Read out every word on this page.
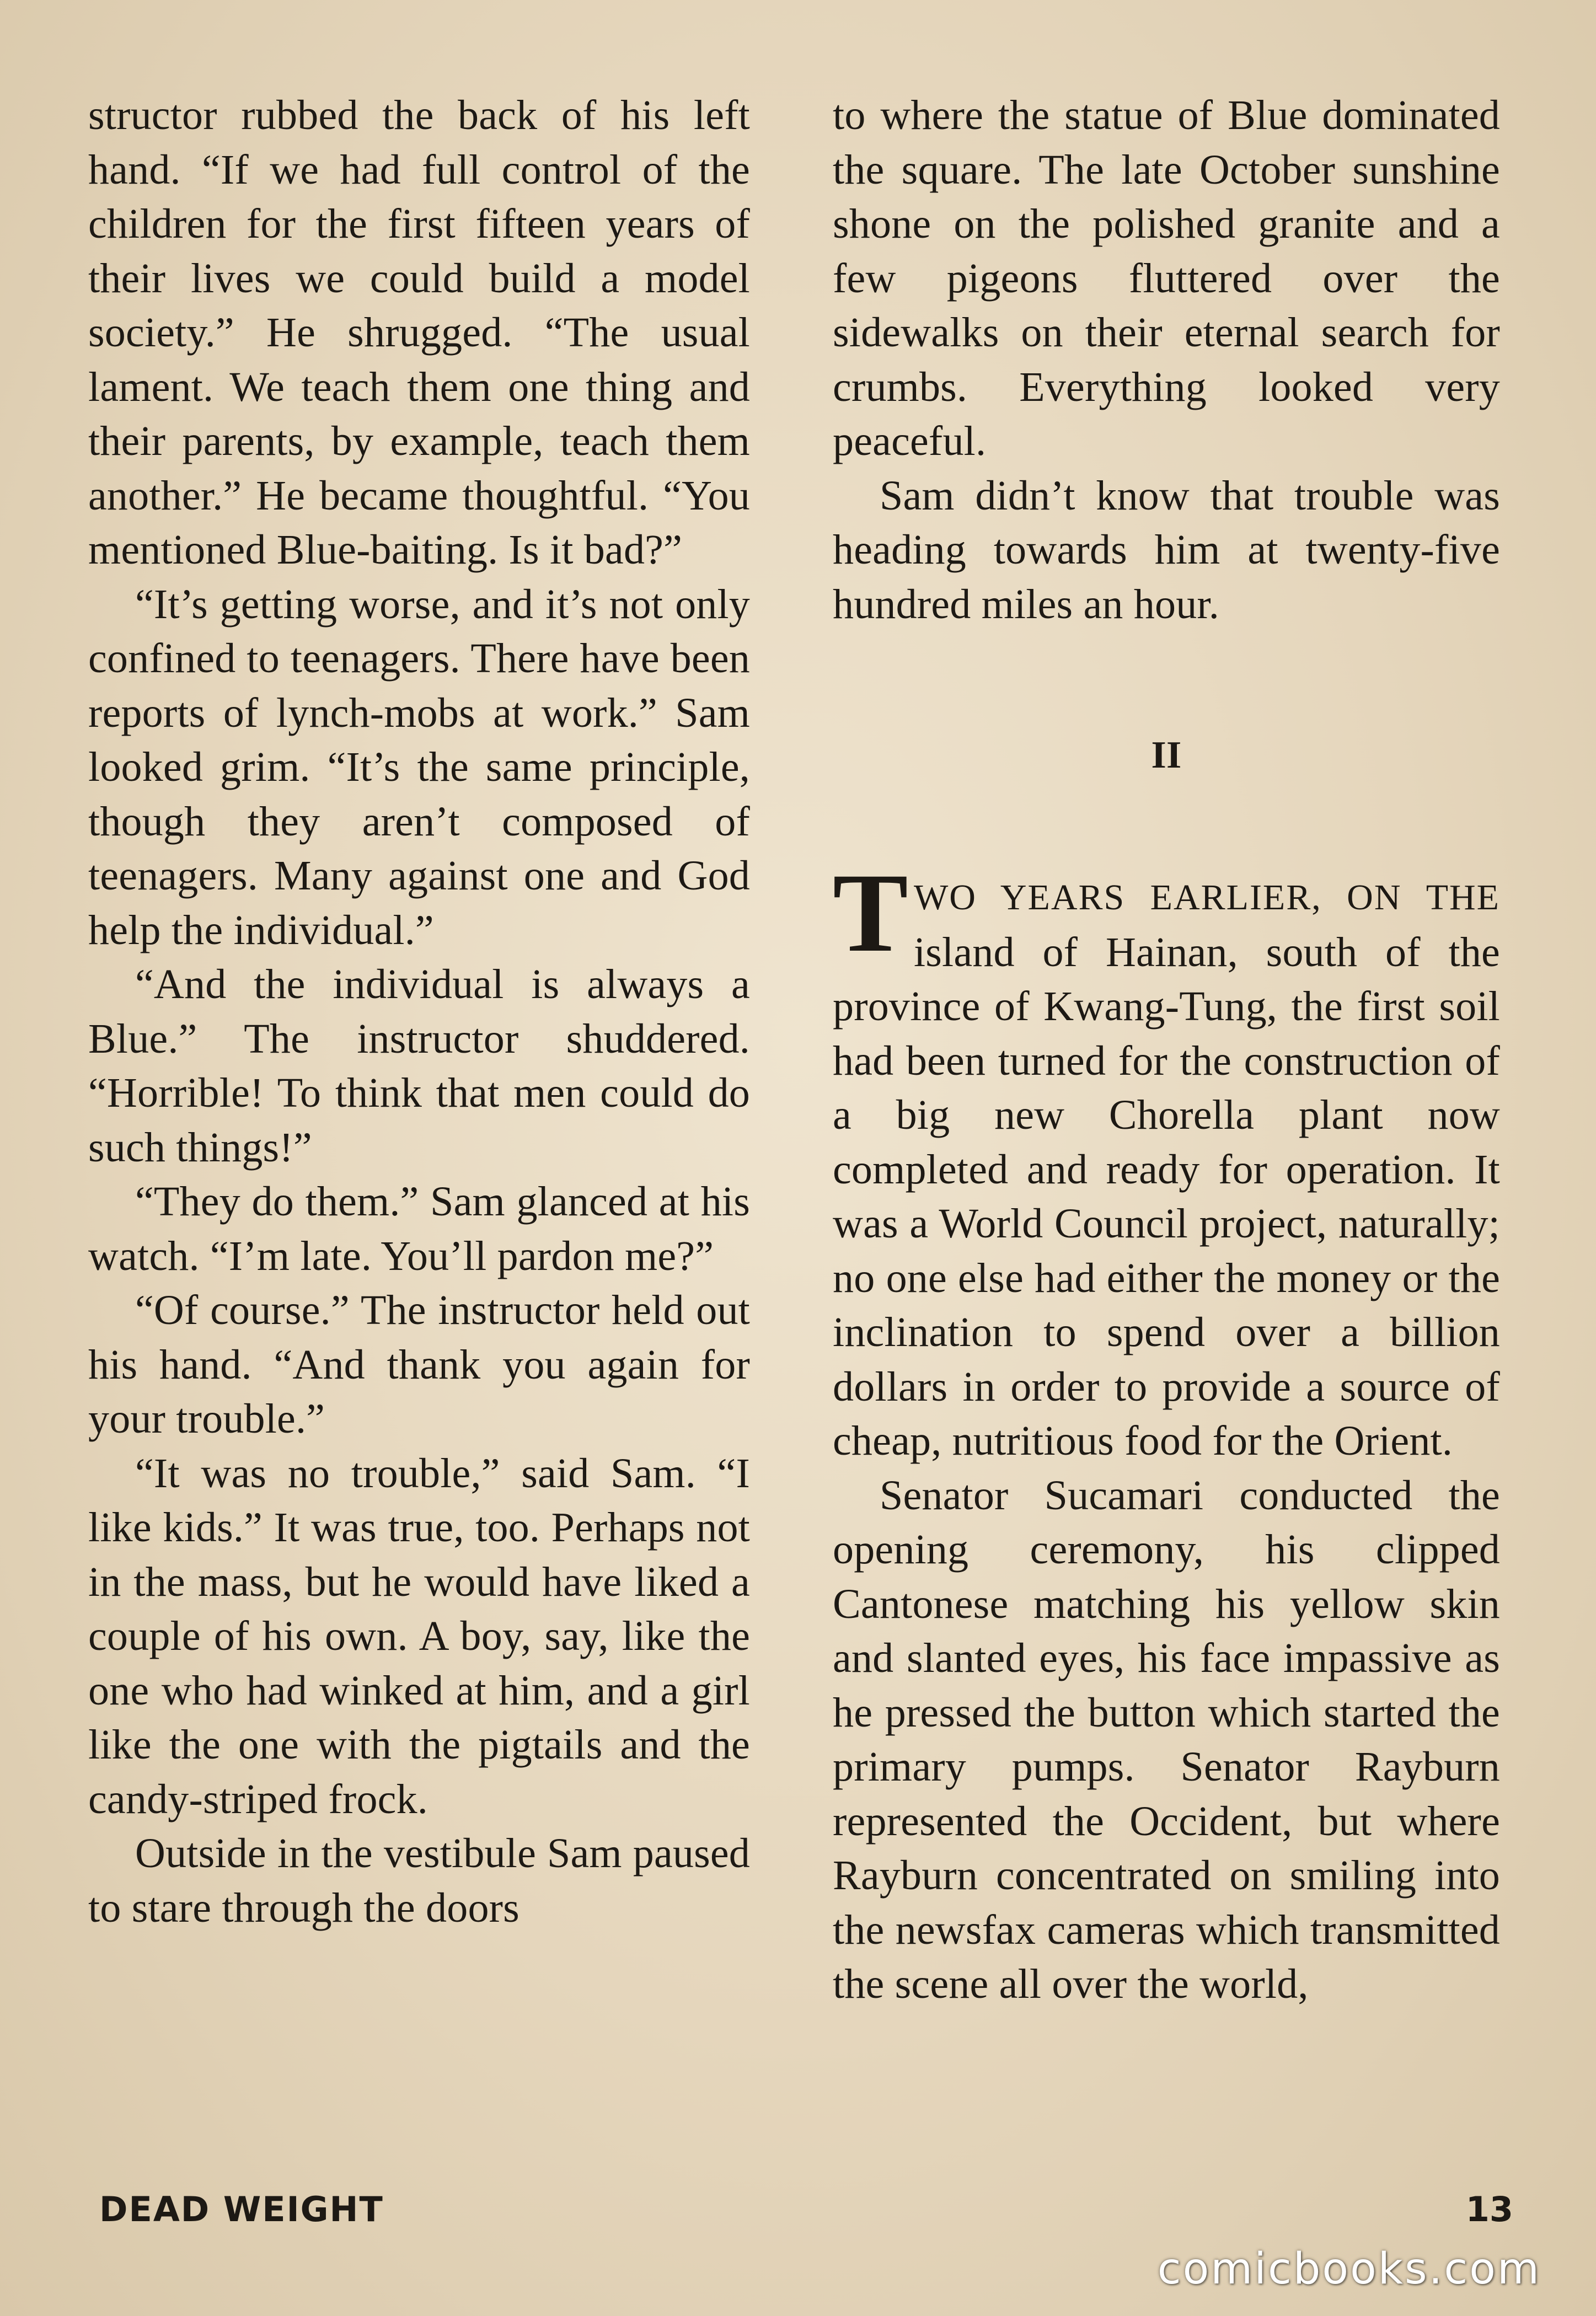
structor rubbed the back of his left hand. “If we had full control of the children for the first fifteen years of their lives we could build a model society.” He shrugged. “The usual lament. We teach them one thing and their parents, by example, teach them another.” He became thoughtful. “You mentioned Blue-baiting. Is it bad?”

“It’s getting worse, and it’s not only confined to teenagers. There have been reports of lynch-mobs at work.” Sam looked grim. “It’s the same principle, though they aren’t composed of teenagers. Many against one and God help the individual.”

“And the individual is always a Blue.” The instructor shuddered. “Horrible! To think that men could do such things!”

“They do them.” Sam glanced at his watch. “I’m late. You’ll pardon me?”

“Of course.” The instructor held out his hand. “And thank you again for your trouble.”

“It was no trouble,” said Sam. “I like kids.” It was true, too. Perhaps not in the mass, but he would have liked a couple of his own. A boy, say, like the one who had winked at him, and a girl like the one with the pigtails and the candy-striped frock.

Outside in the vestibule Sam paused to stare through the doors

to where the statue of Blue dominated the square. The late October sunshine shone on the polished granite and a few pigeons fluttered over the sidewalks on their eternal search for crumbs. Everything looked very peaceful.

Sam didn’t know that trouble was heading towards him at twenty-five hundred miles an hour.

II

TWO YEARS EARLIER, ON THE island of Hainan, south of the province of Kwang-Tung, the first soil had been turned for the construction of a big new Chorella plant now completed and ready for operation. It was a World Council project, naturally; no one else had either the money or the inclination to spend over a billion dollars in order to provide a source of cheap, nutritious food for the Orient.

Senator Sucamari conducted the opening ceremony, his clipped Cantonese matching his yellow skin and slanted eyes, his face impassive as he pressed the button which started the primary pumps. Senator Rayburn represented the Occident, but where Rayburn concentrated on smiling into the newsfax cameras which transmitted the scene all over the world,

DEAD WEIGHT	13
comicbooks.com
